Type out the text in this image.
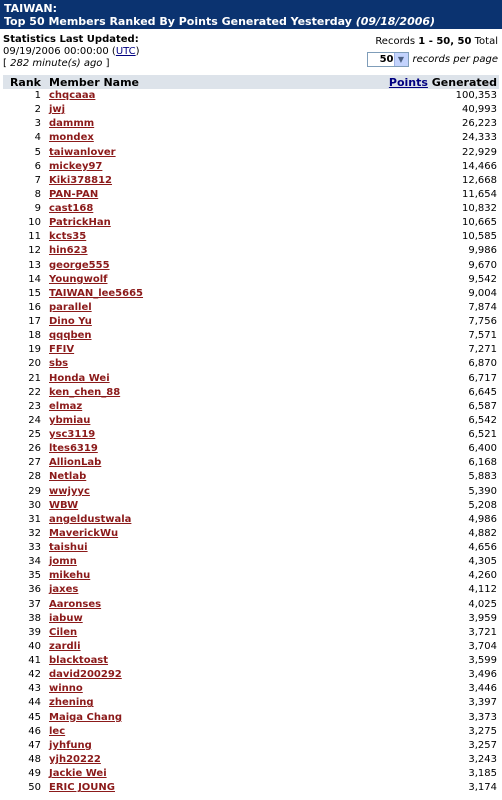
TAIWAN:
Top 50 Members Ranked By Points Generated Yesterday (09/18/2006)
Statistics Last Updated:
09/19/2006 00:00:00 (UTC)
[ 282 minute(s) ago ]
Records 1 - 50, 50 Total
50 ▼ records per page
Rank	Member Name	Points Generated
1	chqcaaa	100,353
2	jwj	40,993
3	dammm	26,223
4	mondex	24,333
5	taiwanlover	22,929
6	mickey97	14,466
7	Kiki378812	12,668
8	PAN-PAN	11,654
9	cast168	10,832
10	PatrickHan	10,665
11	kcts35	10,585
12	hin623	9,986
13	george555	9,670
14	Youngwolf	9,542
15	TAIWAN_lee5665	9,004
16	parallel	7,874
17	Dino Yu	7,756
18	qqqben	7,571
19	FFIV	7,271
20	sbs	6,870
21	Honda Wei	6,717
22	ken_chen_88	6,645
23	elmaz	6,587
24	ybmiau	6,542
25	ysc3119	6,521
26	ltes6319	6,400
27	AllionLab	6,168
28	Netlab	5,883
29	wwjyyc	5,390
30	WBW	5,208
31	angeldustwala	4,986
32	MaverickWu	4,882
33	taishui	4,656
34	jomn	4,305
35	mikehu	4,260
36	jaxes	4,112
37	Aaronses	4,025
38	iabuw	3,959
39	Cilen	3,721
40	zardli	3,704
41	blacktoast	3,599
42	david200292	3,496
43	winno	3,446
44	zhening	3,397
45	Maiga Chang	3,373
46	lec	3,275
47	jyhfung	3,257
48	yjh20222	3,243
49	Jackie Wei	3,185
50	ERIC JOUNG	3,174
